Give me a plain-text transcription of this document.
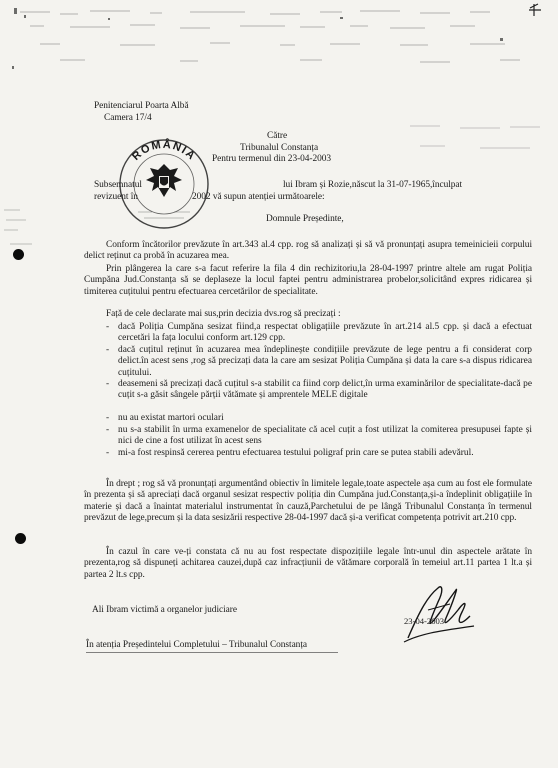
Penitenciarul Poarta Albă
Camera 17/4
Către
Tribunalul Constanța
Pentru termenul din 23-04-2003
ROMÂNIA
Subsemnatul	lui Ibram și Rozie,născut la 31-07-1965,înculpat
revizuent în	2002 vă supun atenției următoarele:
Domnule Președinte,
Conform încătorilor prevăzute în art.343 al.4 cpp. rog să analizați și să vă pronunțați asupra temeinicieii corpului delict reținut ca probă în acuzarea mea.
Prin plângerea la care s-a facut referire la fila 4 din rechizitoriu,la 28-04-1997 printre altele am rugat Poliția Cumpăna Jud.Constanța să se deplaseze la locul faptei pentru administrarea probelor,solicitând expres ridicarea și timiterea cuțitului pentru efectuarea cercetărilor de specialitate.
Față de cele declarate mai sus,prin decizia dvs.rog să precizați :
- dacă Poliția Cumpăna sesizat fiind,a respectat obligațiile prevăzute în art.214 al.5 cpp. și dacă a efectuat cercetări la fața locului conform art.129 cpp.
- dacă cuțitul reținut în acuzarea mea îndeplinește condițiile prevăzute de lege pentru a fi considerat corp delict.în acest sens ,rog să precizați data la care am sesizat Poliția Cumpăna și data la care s-a dispus ridicarea cuțitului.
- deasemeni să precizați dacă cuțitul s-a stabilit ca fiind corp delict,în urma examinărilor de specialitate-dacă pe cuțit s-a găsit sângele părții vătămate și amprentele MELE digitale
- nu au existat martori oculari
- nu s-a stabilit în urma examenelor de specialitate că acel cuțit a fost utilizat la comiterea presupusei fapte și nici de cine a fost utilizat în acest sens
- mi-a fost respinsă cererea pentru efectuarea testului poligraf prin care se putea stabili adevărul.
În drept ; rog să vă pronunțați argumentând obiectiv în limitele legale,toate aspectele așa cum au fost ele formulate în prezenta și să apreciați dacă organul sesizat respectiv poliția din Cumpăna jud.Constanța,și-a îndeplinit obligațiile în materie și dacă a înaintat materialul instrumentat în cauză,Parchetului de pe lângă Tribunalul Constanța în termenul prevăzut de lege,precum și la data sesizării respective 28-04-1997 dacă și-a verificat competența potrivit art.210 cpp.
În cazul în care ve-ți constata că nu au fost respectate dispozițiile legale într-unul din aspectele arătate în prezenta,rog să dispuneți achitarea cauzei,după caz infracțiunii de vătămare corporală în temeiul art.11 partea 1 lt.a și partea 2 lt.s cpp.
Ali Ibram victimă a organelor judiciare
23-04-2003
În atenția Președintelui Completului – Tribunalul Constanța
